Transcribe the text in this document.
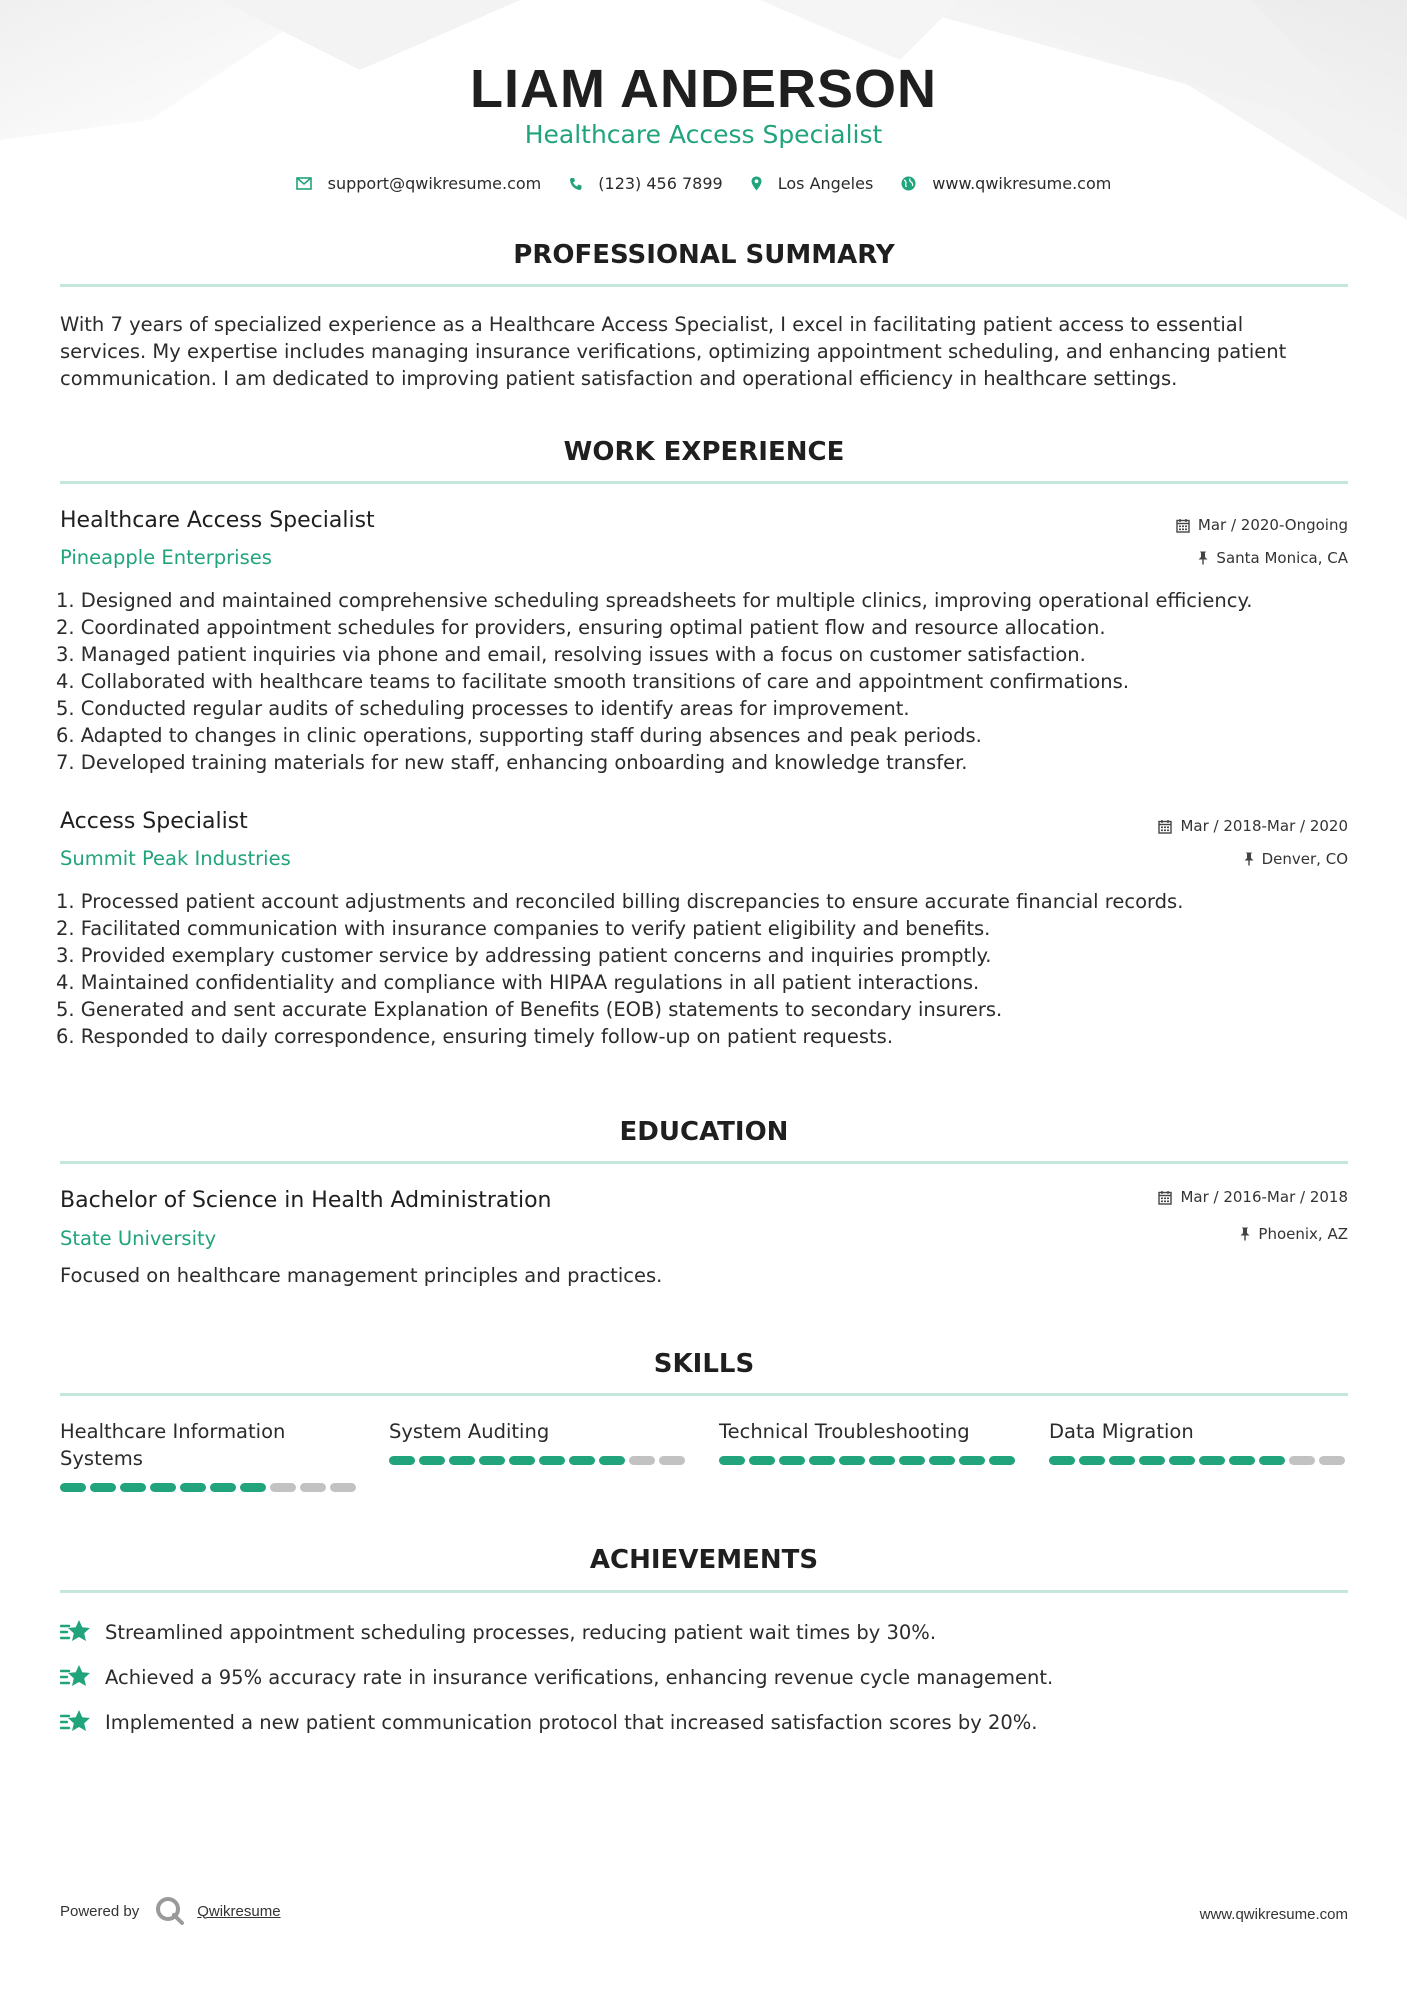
LIAM ANDERSON
Healthcare Access Specialist
support@qwikresume.com	(123) 456 7899	Los Angeles	www.qwikresume.com
PROFESSIONAL SUMMARY
With 7 years of specialized experience as a Healthcare Access Specialist, I excel in facilitating patient access to essential
services. My expertise includes managing insurance verifications, optimizing appointment scheduling, and enhancing patient
communication. I am dedicated to improving patient satisfaction and operational efficiency in healthcare settings.
WORK EXPERIENCE
Healthcare Access Specialist
Pineapple Enterprises
Mar / 2020-Ongoing
Santa Monica, CA
1. Designed and maintained comprehensive scheduling spreadsheets for multiple clinics, improving operational efficiency.
2. Coordinated appointment schedules for providers, ensuring optimal patient flow and resource allocation.
3. Managed patient inquiries via phone and email, resolving issues with a focus on customer satisfaction.
4. Collaborated with healthcare teams to facilitate smooth transitions of care and appointment confirmations.
5. Conducted regular audits of scheduling processes to identify areas for improvement.
6. Adapted to changes in clinic operations, supporting staff during absences and peak periods.
7. Developed training materials for new staff, enhancing onboarding and knowledge transfer.
Access Specialist
Summit Peak Industries
Mar / 2018-Mar / 2020
Denver, CO
1. Processed patient account adjustments and reconciled billing discrepancies to ensure accurate financial records.
2. Facilitated communication with insurance companies to verify patient eligibility and benefits.
3. Provided exemplary customer service by addressing patient concerns and inquiries promptly.
4. Maintained confidentiality and compliance with HIPAA regulations in all patient interactions.
5. Generated and sent accurate Explanation of Benefits (EOB) statements to secondary insurers.
6. Responded to daily correspondence, ensuring timely follow-up on patient requests.
EDUCATION
Bachelor of Science in Health Administration
State University
Mar / 2016-Mar / 2018
Phoenix, AZ
Focused on healthcare management principles and practices.
SKILLS
Healthcare Information
Systems
System Auditing	Technical Troubleshooting	Data Migration
ACHIEVEMENTS
Streamlined appointment scheduling processes, reducing patient wait times by 30%.
Achieved a 95% accuracy rate in insurance verifications, enhancing revenue cycle management.
Implemented a new patient communication protocol that increased satisfaction scores by 20%.
Powered by	Qwikresume	www.qwikresume.com
